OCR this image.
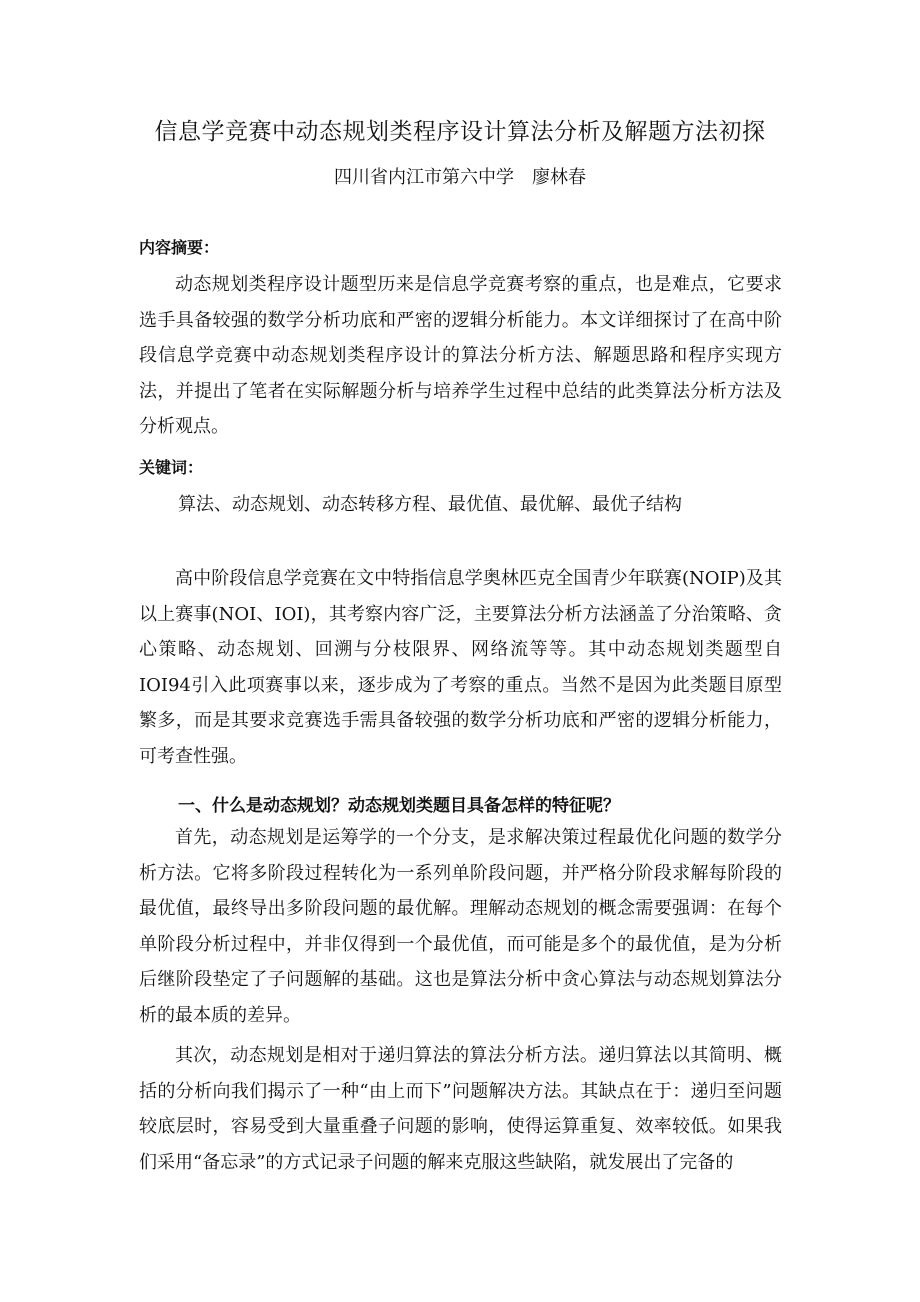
信息学竞赛中动态规划类程序设计算法分析及解题方法初探
四川省内江市第六中学　廖林春
内容摘要：

动态规划类程序设计题型历来是信息学竞赛考察的重点，也是难点，它要求选手具备较强的数学分析功底和严密的逻辑分析能力。本文详细探讨了在高中阶段信息学竞赛中动态规划类程序设计的算法分析方法、解题思路和程序实现方法，并提出了笔者在实际解题分析与培养学生过程中总结的此类算法分析方法及分析观点。

关键词：
算法、动态规划、动态转移方程、最优值、最优解、最优子结构

高中阶段信息学竞赛在文中特指信息学奥林匹克全国青少年联赛(NOIP)及其以上赛事(NOI、IOI)，其考察内容广泛，主要算法分析方法涵盖了分治策略、贪心策略、动态规划、回溯与分枝限界、网络流等等。其中动态规划类题型自IOI94引入此项赛事以来，逐步成为了考察的重点。当然不是因为此类题目原型繁多，而是其要求竞赛选手需具备较强的数学分析功底和严密的逻辑分析能力，可考查性强。

一、什么是动态规划？动态规划类题目具备怎样的特征呢？

首先，动态规划是运筹学的一个分支，是求解决策过程最优化问题的数学分析方法。它将多阶段过程转化为一系列单阶段问题，并严格分阶段求解每阶段的最优值，最终导出多阶段问题的最优解。理解动态规划的概念需要强调：在每个单阶段分析过程中，并非仅得到一个最优值，而可能是多个的最优值，是为分析后继阶段垫定了子问题解的基础。这也是算法分析中贪心算法与动态规划算法分析的最本质的差异。

其次，动态规划是相对于递归算法的算法分析方法。递归算法以其简明、概括的分析向我们揭示了一种“由上而下”问题解决方法。其缺点在于：递归至问题较底层时，容易受到大量重叠子问题的影响，使得运算重复、效率较低。如果我们采用“备忘录”的方式记录子问题的解来克服这些缺陷，就发展出了完备的
